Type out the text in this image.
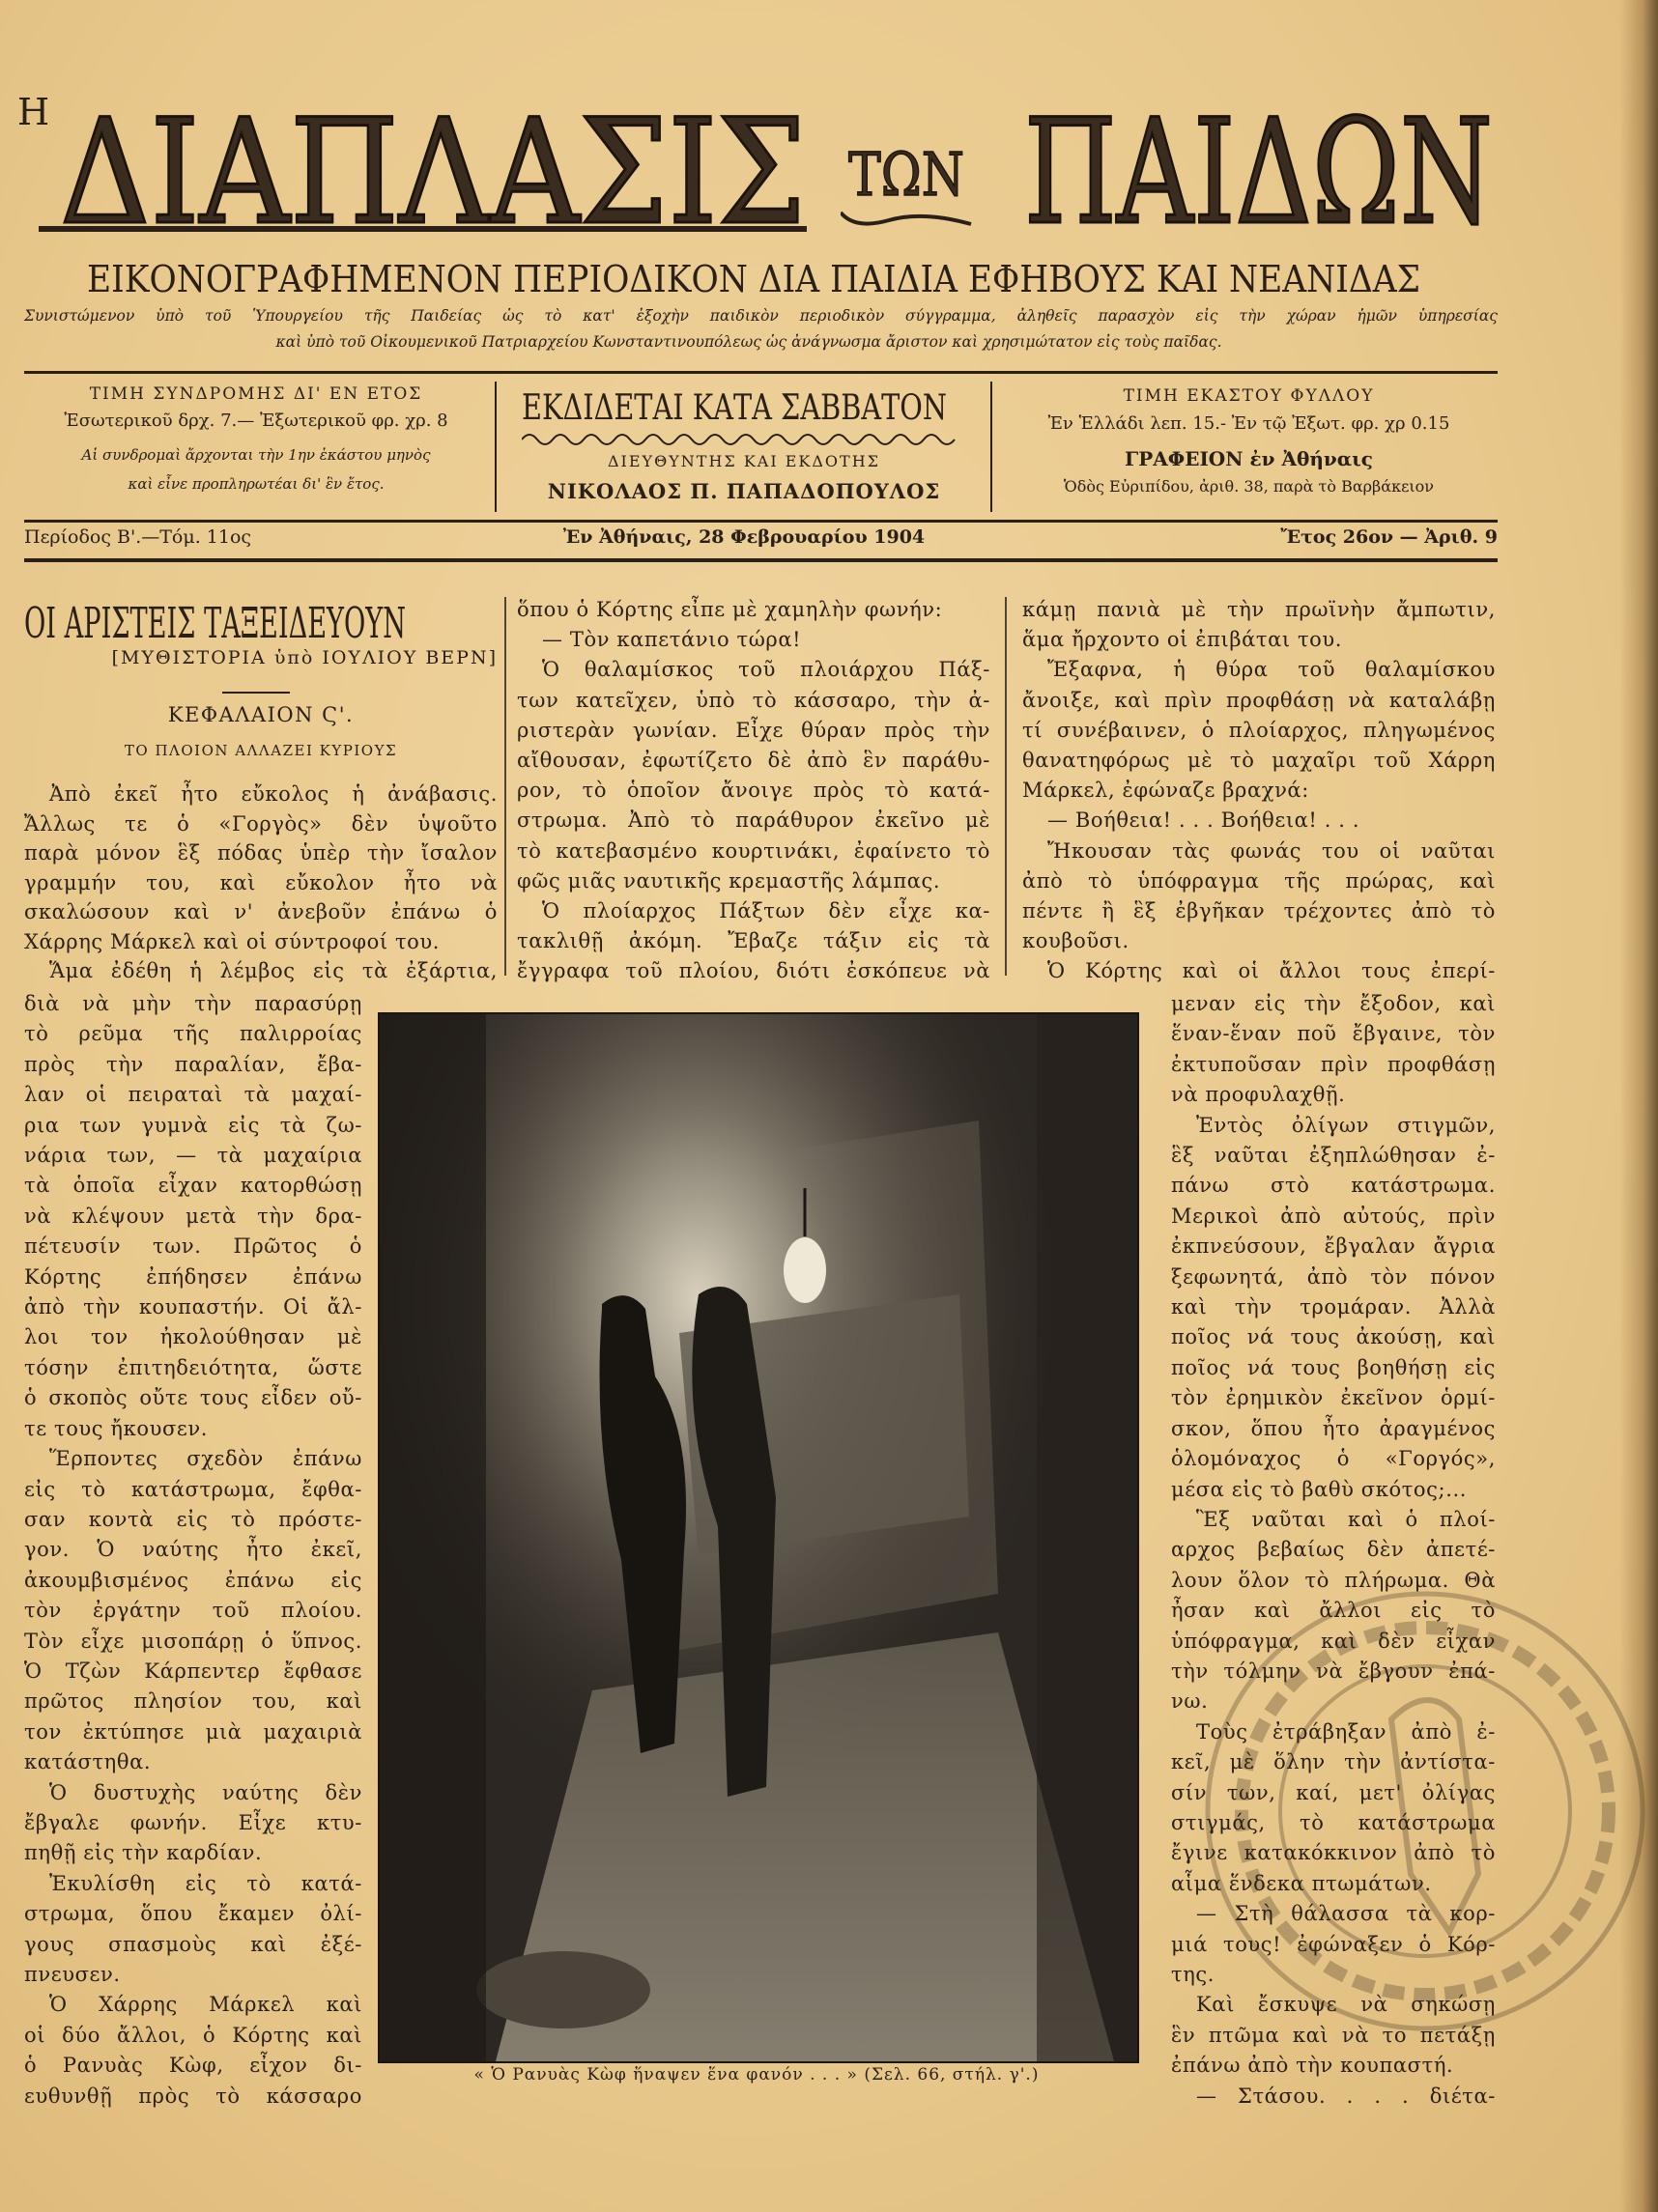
Η ΔΙΑΠΛΑΣΙΣ ΤΩΝ ΠΑΙΔΩΝ
ΕΙΚΟΝΟΓΡΑΦΗΜΕΝΟΝ ΠΕΡΙΟΔΙΚΟΝ ΔΙΑ ΠΑΙΔΙΑ ΕΦΗΒΟΥΣ ΚΑΙ ΝΕΑΝΙΔΑΣ
Συνιστώμενον ὑπὸ τοῦ Ὑπουργείου τῆς Παιδείας ὡς τὸ κατ' ἐξοχὴν παιδικὸν περιοδικὸν σύγγραμμα, ἀληθεῖς παρασχὸν εἰς τὴν χώραν ἡμῶν ὑπηρεσίας
καὶ ὑπὸ τοῦ Οἰκουμενικοῦ Πατριαρχείου Κωνσταντινουπόλεως ὡς ἀνάγνωσμα ἄριστον καὶ χρησιμώτατον εἰς τοὺς παῖδας.
ΤΙΜΗ ΣΥΝΔΡΟΜΗΣ ΔΙ' ΕΝ ΕΤΟΣ
Ἐσωτερικοῦ δρχ. 7.— Ἐξωτερικοῦ φρ. χρ. 8
Αἱ συνδρομαὶ ἄρχονται τὴν 1ην ἑκάστου μηνὸς
καὶ εἶνε προπληρωτέαι δι' ἓν ἔτος.
ΕΚΔΙΔΕΤΑΙ ΚΑΤΑ ΣΑΒΒΑΤΟΝ
ΔΙΕΥΘΥΝΤΗΣ ΚΑΙ ΕΚΔΟΤΗΣ
ΝΙΚΟΛΑΟΣ Π. ΠΑΠΑΔΟΠΟΥΛΟΣ
ΤΙΜΗ ΕΚΑΣΤΟΥ ΦΥΛΛΟΥ
Ἐν Ἑλλάδι λεπ. 15.- Ἐν τῷ Ἐξωτ. φρ. χρ 0.15
ΓΡΑΦΕΙΟΝ ἐν Ἀθήναις
Ὁδὸς Εὐριπίδου, ἀριθ. 38, παρὰ τὸ Βαρβάκειον
Περίοδος Β'.—Τόμ. 11ος	Ἐν Ἀθήναις, 28 Φεβρουαρίου 1904	Ἔτος 26ον — Ἀριθ. 9
ΟΙ ΑΡΙΣΤΕΙΣ ΤΑΞΕΙΔΕΥΟΥΝ
[ΜΥΘΙΣΤΟΡΙΑ ὑπὸ ΙΟΥΛΙΟΥ ΒΕΡΝ]
ΚΕΦΑΛΑΙΟΝ Ϛ'.
ΤΟ ΠΛΟΙΟΝ ΑΛΛΑΖΕΙ ΚΥΡΙΟΥΣ
Ἀπὸ ἐκεῖ ἦτο εὔκολος ἡ ἀνάβασις.
Ἄλλως τε ὁ «Γοργὸς» δὲν ὑψοῦτο
παρὰ μόνον ἓξ πόδας ὑπὲρ τὴν ἴσαλον
γραμμήν του, καὶ εὔκολον ἦτο νὰ
σκαλώσουν καὶ ν' ἀνεβοῦν ἐπάνω ὁ
Χάρρης Μάρκελ καὶ οἱ σύντροφοί του.
Ἅμα ἐδέθη ἡ λέμβος εἰς τὰ ἐξάρτια,
διὰ νὰ μὴν τὴν παρασύρῃ
τὸ ρεῦμα τῆς παλιρροίας
πρὸς τὴν παραλίαν, ἔβα-
λαν οἱ πειραταὶ τὰ μαχαί-
ρια των γυμνὰ εἰς τὰ ζω-
νάρια των, — τὰ μαχαίρια
τὰ ὁποῖα εἶχαν κατορθώσῃ
νὰ κλέψουν μετὰ τὴν δρα-
πέτευσίν των. Πρῶτος ὁ
Κόρτης ἐπήδησεν ἐπάνω
ἀπὸ τὴν κουπαστήν. Οἱ ἄλ-
λοι τον ἠκολούθησαν μὲ
τόσην ἐπιτηδειότητα, ὥστε
ὁ σκοπὸς οὔτε τους εἶδεν οὔ-
τε τους ἤκουσεν.
Ἕρποντες σχεδὸν ἐπάνω
εἰς τὸ κατάστρωμα, ἔφθα-
σαν κοντὰ εἰς τὸ πρόστε-
γον. Ὁ ναύτης ἦτο ἐκεῖ,
ἀκουμβισμένος ἐπάνω εἰς
τὸν ἐργάτην τοῦ πλοίου.
Τὸν εἶχε μισοπάρῃ ὁ ὕπνος.
Ὁ Τζὼν Κάρπεντερ ἔφθασε
πρῶτος πλησίον του, καὶ
τον ἐκτύπησε μιὰ μαχαιριὰ
κατάστηθα.
Ὁ δυστυχὴς ναύτης δὲν
ἔβγαλε φωνήν. Εἶχε κτυ-
πηθῇ εἰς τὴν καρδίαν.
Ἐκυλίσθη εἰς τὸ κατά-
στρωμα, ὅπου ἔκαμεν ὀλί-
γους σπασμοὺς καὶ ἐξέ-
πνευσεν.
Ὁ Χάρρης Μάρκελ καὶ
οἱ δύο ἄλλοι, ὁ Κόρτης καὶ
ὁ Ρανυὰς Κὼφ, εἶχον δι-
ευθυνθῇ πρὸς τὸ κάσσαρο
ὅπου ὁ Κόρτης εἶπε μὲ χαμηλὴν φωνήν:
— Τὸν καπετάνιο τώρα!
Ὁ θαλαμίσκος τοῦ πλοιάρχου Πάξ-
των κατεῖχεν, ὑπὸ τὸ κάσσαρο, τὴν ἀ-
ριστερὰν γωνίαν. Εἶχε θύραν πρὸς τὴν
αἴθουσαν, ἐφωτίζετο δὲ ἀπὸ ἓν παράθυ-
ρον, τὸ ὁποῖον ἄνοιγε πρὸς τὸ κατά-
στρωμα. Ἀπὸ τὸ παράθυρον ἐκεῖνο μὲ
τὸ κατεβασμένο κουρτινάκι, ἐφαίνετο τὸ
φῶς μιᾶς ναυτικῆς κρεμαστῆς λάμπας.
Ὁ πλοίαρχος Πάξτων δὲν εἶχε κα-
τακλιθῇ ἀκόμη. Ἔβαζε τάξιν εἰς τὰ
ἔγγραφα τοῦ πλοίου, διότι ἐσκόπευε νὰ
κάμῃ πανιὰ μὲ τὴν πρωϊνὴν ἄμπωτιν,
ἅμα ἤρχοντο οἱ ἐπιβάται του.
Ἔξαφνα, ἡ θύρα τοῦ θαλαμίσκου
ἄνοιξε, καὶ πρὶν προφθάσῃ νὰ καταλάβῃ
τί συνέβαινεν, ὁ πλοίαρχος, πληγωμένος
θανατηφόρως μὲ τὸ μαχαῖρι τοῦ Χάρρη
Μάρκελ, ἐφώναζε βραχνά:
— Βοήθεια! . . . Βοήθεια! . . .
Ἤκουσαν τὰς φωνάς του οἱ ναῦται
ἀπὸ τὸ ὑπόφραγμα τῆς πρώρας, καὶ
πέντε ἢ ἓξ ἐβγῆκαν τρέχοντες ἀπὸ τὸ
κουβοῦσι.
Ὁ Κόρτης καὶ οἱ ἄλλοι τους ἐπερί-
μεναν εἰς τὴν ἔξοδον, καὶ
ἕναν-ἕναν ποῦ ἔβγαινε, τὸν
ἐκτυποῦσαν πρὶν προφθάσῃ
νὰ προφυλαχθῇ.
Ἐντὸς ὀλίγων στιγμῶν,
ἓξ ναῦται ἐξηπλώθησαν ἐ-
πάνω στὸ κατάστρωμα.
Μερικοὶ ἀπὸ αὐτούς, πρὶν
ἐκπνεύσουν, ἔβγαλαν ἄγρια
ξεφωνητά, ἀπὸ τὸν πόνον
καὶ τὴν τρομάραν. Ἀλλὰ
ποῖος νά τους ἀκούσῃ, καὶ
ποῖος νά τους βοηθήσῃ εἰς
τὸν ἐρημικὸν ἐκεῖνον ὁρμί-
σκον, ὅπου ἦτο ἀραγμένος
ὁλομόναχος ὁ «Γοργός»,
μέσα εἰς τὸ βαθὺ σκότος;...
Ἓξ ναῦται καὶ ὁ πλοί-
αρχος βεβαίως δὲν ἀπετέ-
λουν ὅλον τὸ πλήρωμα. Θὰ
ἦσαν καὶ ἄλλοι εἰς τὸ
ὑπόφραγμα, καὶ δὲν εἶχαν
τὴν τόλμην νὰ ἔβγουν ἐπά-
νω.
Τοὺς ἐτράβηξαν ἀπὸ ἐ-
κεῖ, μὲ ὅλην τὴν ἀντίστα-
σίν των, καί, μετ' ὀλίγας
στιγμάς, τὸ κατάστρωμα
ἔγινε κατακόκκινον ἀπὸ τὸ
αἷμα ἕνδεκα πτωμάτων.
— Στὴ θάλασσα τὰ κορ-
μιά τους! ἐφώναξεν ὁ Κόρ-
της.
Καὶ ἔσκυψε νὰ σηκώσῃ
ἓν πτῶμα καὶ νὰ το πετάξῃ
ἐπάνω ἀπὸ τὴν κουπαστή.
— Στάσου. . . . διέτα-
« Ὁ Ρανυὰς Κὼφ ἥναψεν ἕνα φανόν . . . » (Σελ. 66, στήλ. γ'.)
